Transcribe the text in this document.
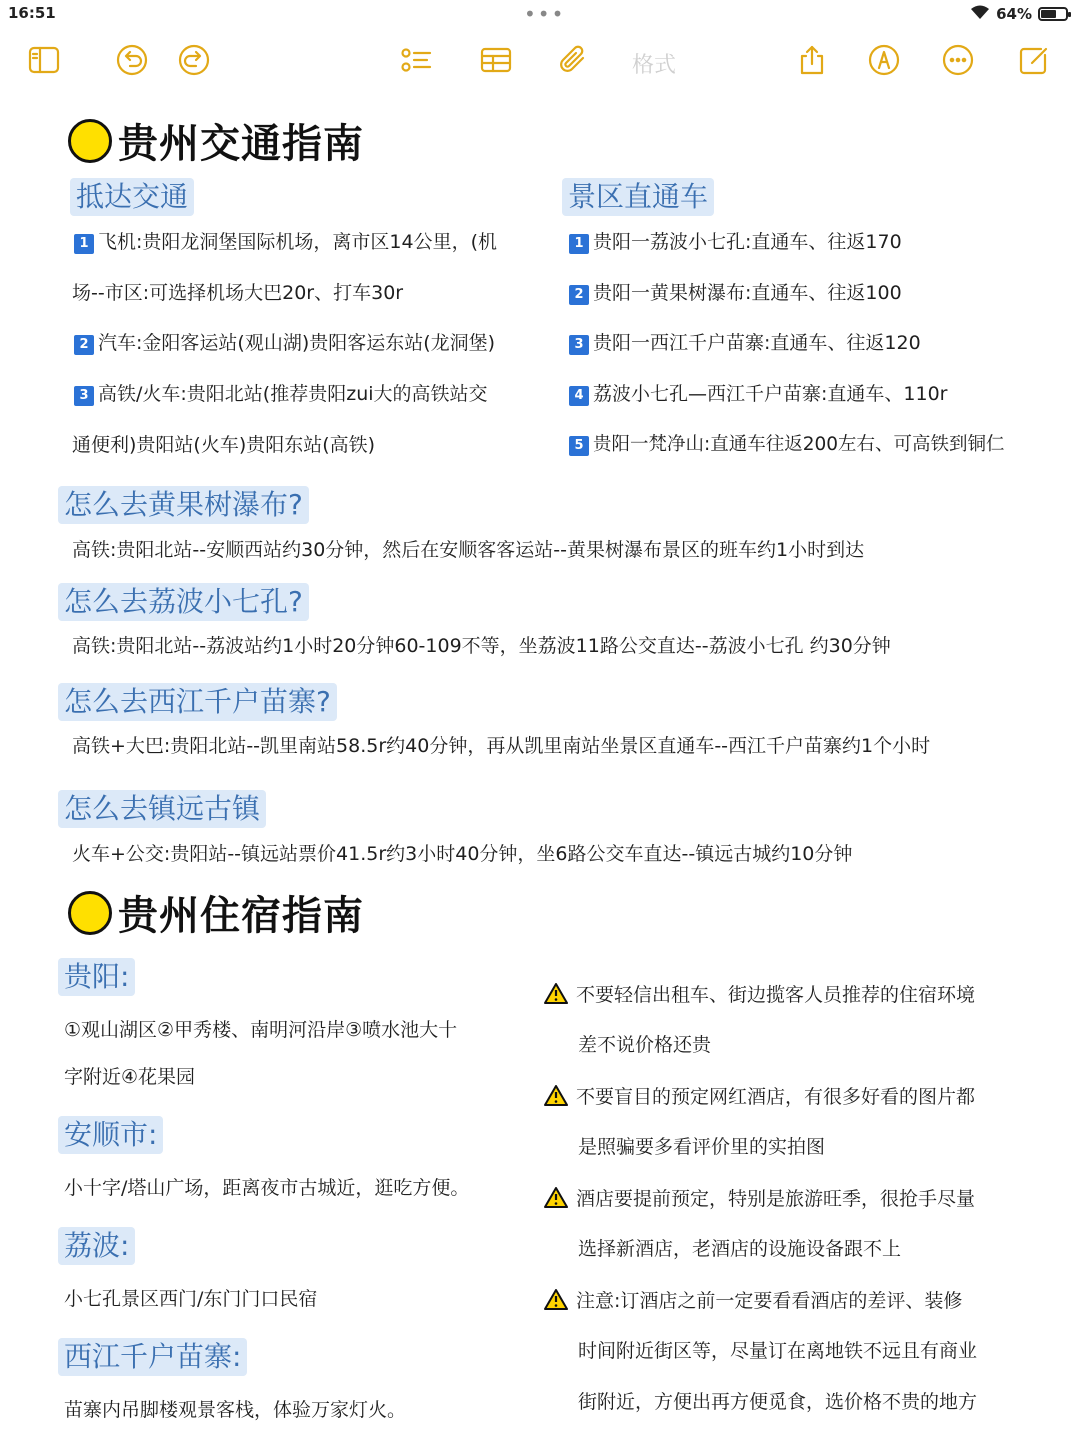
16:51	•••	64%
格式
贵州交通指南
抵达交通	景区直通车
1 飞机:贵阳龙洞堡国际机场，离市区14公里，(机
场--市区:可选择机场大巴20r、打车30r
2 汽车:金阳客运站(观山湖)贵阳客运东站(龙洞堡)
3 高铁/火车:贵阳北站(推荐贵阳zui大的高铁站交
通便利)贵阳站(火车)贵阳东站(高铁)
1 贵阳一荔波小七孔:直通车、往返170
2 贵阳一黄果树瀑布:直通车、往返100
3 贵阳一西江千户苗寨:直通车、往返120
4 荔波小七孔—西江千户苗寨:直通车、110r
5 贵阳一梵净山:直通车往返200左右、可高铁到铜仁
怎么去黄果树瀑布?
高铁:贵阳北站--安顺西站约30分钟，然后在安顺客客运站--黄果树瀑布景区的班车约1小时到达
怎么去荔波小七孔?
高铁:贵阳北站--荔波站约1小时20分钟60-109不等，坐荔波11路公交直达--荔波小七孔 约30分钟
怎么去西江千户苗寨?
高铁+大巴:贵阳北站--凯里南站58.5r约40分钟，再从凯里南站坐景区直通车--西江千户苗寨约1个小时
怎么去镇远古镇
火车+公交:贵阳站--镇远站票价41.5r约3小时40分钟，坐6路公交车直达--镇远古城约10分钟
贵州住宿指南
贵阳:
①观山湖区②甲秀楼、南明河沿岸③喷水池大十
字附近④花果园
安顺市:
小十字/塔山广场，距离夜市古城近，逛吃方便。
荔波:
小七孔景区西门/东门门口民宿
西江千户苗寨:
苗寨内吊脚楼观景客栈，体验万家灯火。
不要轻信出租车、街边揽客人员推荐的住宿环境
差不说价格还贵
不要盲目的预定网红酒店，有很多好看的图片都
是照骗要多看评价里的实拍图
酒店要提前预定，特别是旅游旺季，很抢手尽量
选择新酒店，老酒店的设施设备跟不上
注意:订酒店之前一定要看看酒店的差评、装修
时间附近街区等，尽量订在离地铁不远且有商业
街附近，方便出再方便觅食，选价格不贵的地方
